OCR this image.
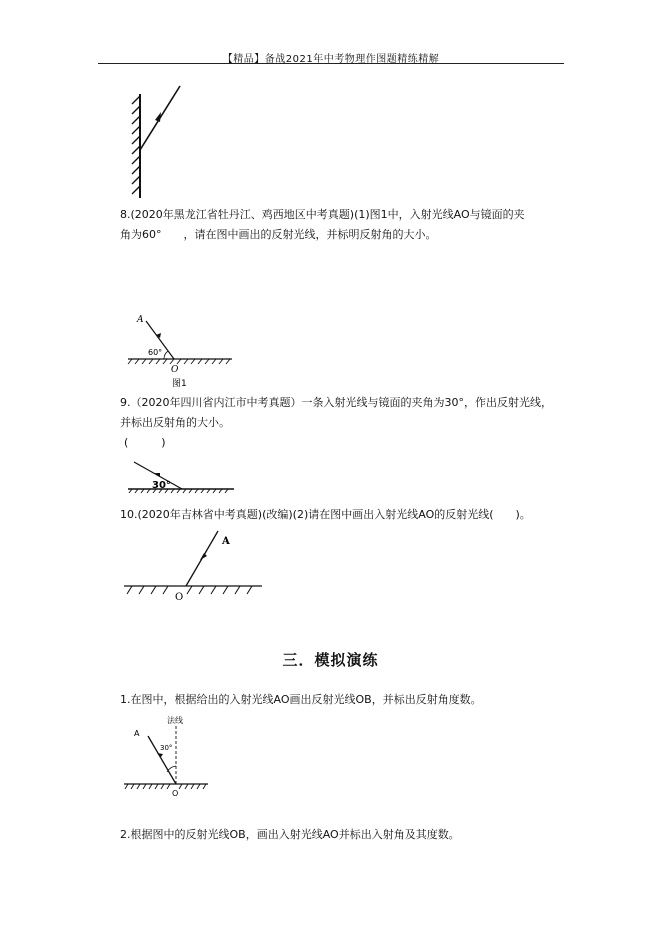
【精品】备战2021年中考物理作图题精练精解
8.(2020年黑龙江省牡丹江、鸡西地区中考真题)(1)图1中，入射光线AO与镜面的夹
角为60°　　，请在图中画出的反射光线，并标明反射角的大小。
A
60°
O
图1
9.（2020年四川省内江市中考真题）一条入射光线与镜面的夹角为30°，作出反射光线，
并标出反射角的大小。
(　　　)
30°
10.(2020年吉林省中考真题)(改编)(2)请在图中画出入射光线AO的反射光线(　　)。
A
O
三．模拟演练
1.在图中，根据给出的入射光线AO画出反射光线OB，并标出反射角度数。
法线
A
30°
O
2.根据图中的反射光线OB，画出入射光线AO并标出入射角及其度数。
